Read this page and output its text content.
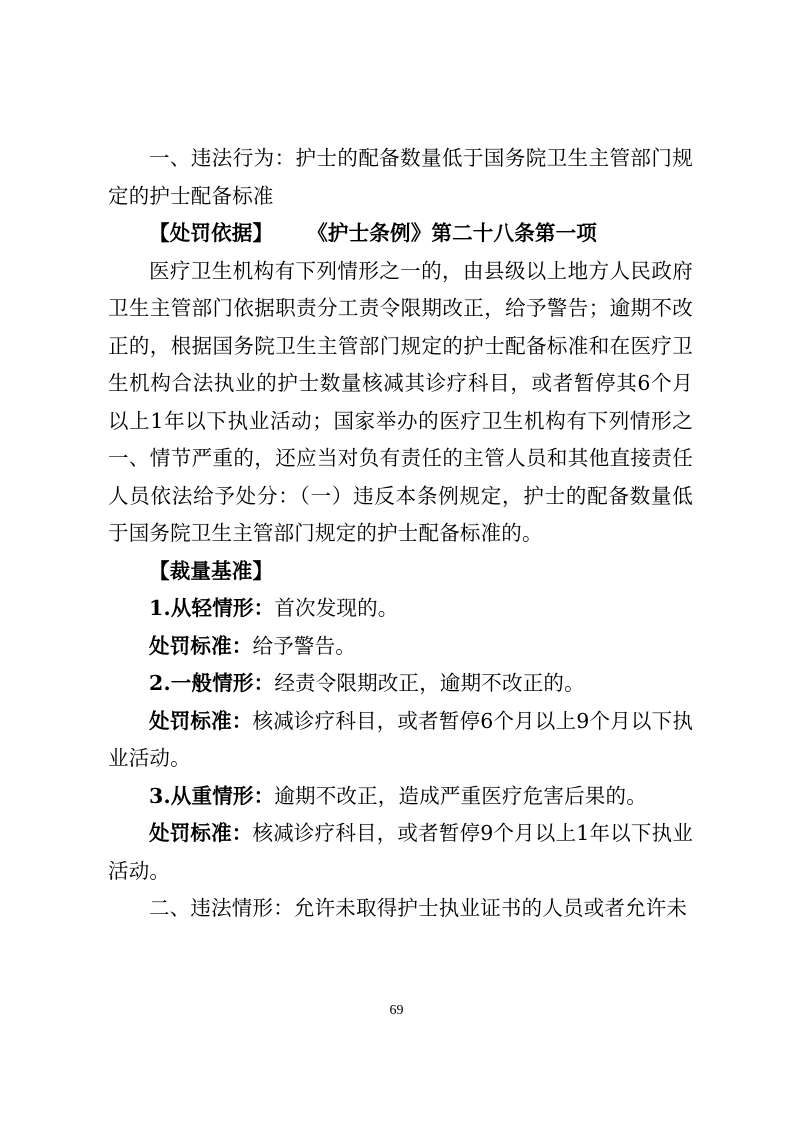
一、违法行为：护士的配备数量低于国务院卫生主管部门规定的护士配备标准

【处罚依据】 《护士条例》第二十八条第一项

医疗卫生机构有下列情形之一的，由县级以上地方人民政府卫生主管部门依据职责分工责令限期改正，给予警告；逾期不改正的，根据国务院卫生主管部门规定的护士配备标准和在医疗卫生机构合法执业的护士数量核减其诊疗科目，或者暂停其6个月以上1年以下执业活动；国家举办的医疗卫生机构有下列情形之一、情节严重的，还应当对负有责任的主管人员和其他直接责任人员依法给予处分：（一）违反本条例规定，护士的配备数量低于国务院卫生主管部门规定的护士配备标准的。

【裁量基准】

1.从轻情形：首次发现的。

处罚标准：给予警告。

2.一般情形：经责令限期改正，逾期不改正的。

处罚标准：核减诊疗科目，或者暂停6个月以上9个月以下执业活动。

3.从重情形：逾期不改正，造成严重医疗危害后果的。

处罚标准：核减诊疗科目，或者暂停9个月以上1年以下执业活动。

二、违法情形：允许未取得护士执业证书的人员或者允许未

69
